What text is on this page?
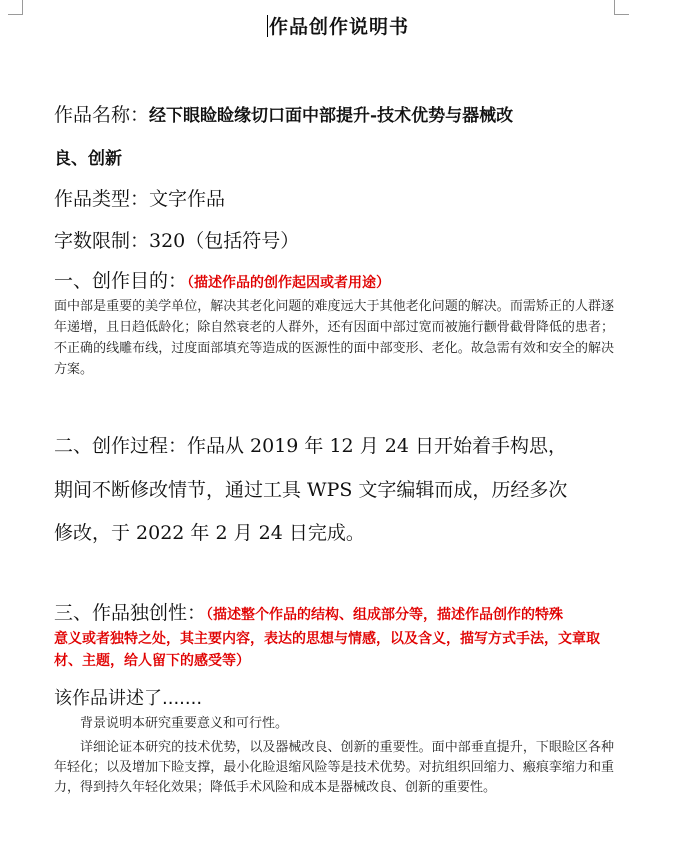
作品创作说明书
作品名称：经下眼睑睑缘切口面中部提升-技术优势与器械改
良、创新
作品类型：文字作品
字数限制：320（包括符号）
一、创作目的：（描述作品的创作起因或者用途）
面中部是重要的美学单位，解决其老化问题的难度远大于其他老化问题的解决。而需矫正的人群逐年递增，且日趋低龄化；除自然衰老的人群外，还有因面中部过宽而被施行颧骨截骨降低的患者；不正确的线雕布线，过度面部填充等造成的医源性的面中部变形、老化。故急需有效和安全的解决方案。
二、创作过程：作品从 2019 年 12 月 24 日开始着手构思，
期间不断修改情节，通过工具 WPS 文字编辑而成，历经多次
修改，于 2022 年 2 月 24 日完成。
三、作品独创性：（描述整个作品的结构、组成部分等，描述作品创作的特殊
意义或者独特之处，其主要内容，表达的思想与情感，以及含义，描写方式手法，文章取材、主题，给人留下的感受等）
该作品讲述了.......
背景说明本研究重要意义和可行性。
详细论证本研究的技术优势，以及器械改良、创新的重要性。面中部垂直提升，下眼睑区各种年轻化；以及增加下睑支撑，最小化睑退缩风险等是技术优势。对抗组织回缩力、瘢痕挛缩力和重力，得到持久年轻化效果；降低手术风险和成本是器械改良、创新的重要性。
